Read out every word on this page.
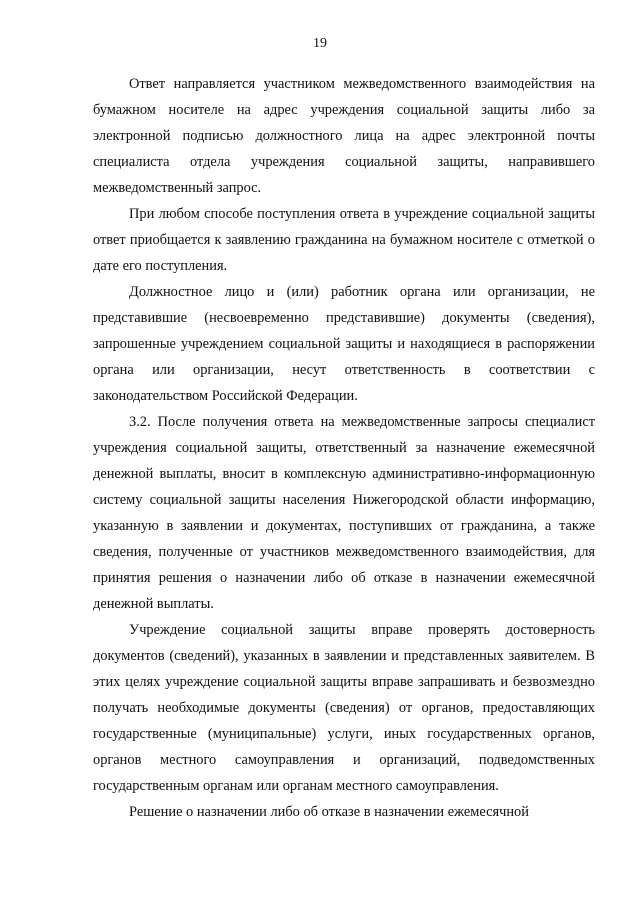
19

Ответ направляется участником межведомственного взаимодействия на бумажном носителе на адрес учреждения социальной защиты либо за электронной подписью должностного лица на адрес электронной почты специалиста отдела учреждения социальной защиты, направившего межведомственный запрос.

При любом способе поступления ответа в учреждение социальной защиты ответ приобщается к заявлению гражданина на бумажном носителе с отметкой о дате его поступления.

Должностное лицо и (или) работник органа или организации, не представившие (несвоевременно представившие) документы (сведения), запрошенные учреждением социальной защиты и находящиеся в распоряжении органа или организации, несут ответственность в соответствии с законодательством Российской Федерации.

3.2. После получения ответа на межведомственные запросы специалист учреждения социальной защиты, ответственный за назначение ежемесячной денежной выплаты, вносит в комплексную административно-информационную систему социальной защиты населения Нижегородской области информацию, указанную в заявлении и документах, поступивших от гражданина, а также сведения, полученные от участников межведомственного взаимодействия, для принятия решения о назначении либо об отказе в назначении ежемесячной денежной выплаты.

Учреждение социальной защиты вправе проверять достоверность документов (сведений), указанных в заявлении и представленных заявителем. В этих целях учреждение социальной защиты вправе запрашивать и безвозмездно получать необходимые документы (сведения) от органов, предоставляющих государственные (муниципальные) услуги, иных государственных органов, органов местного самоуправления и организаций, подведомственных государственным органам или органам местного самоуправления.

Решение о назначении либо об отказе в назначении ежемесячной
